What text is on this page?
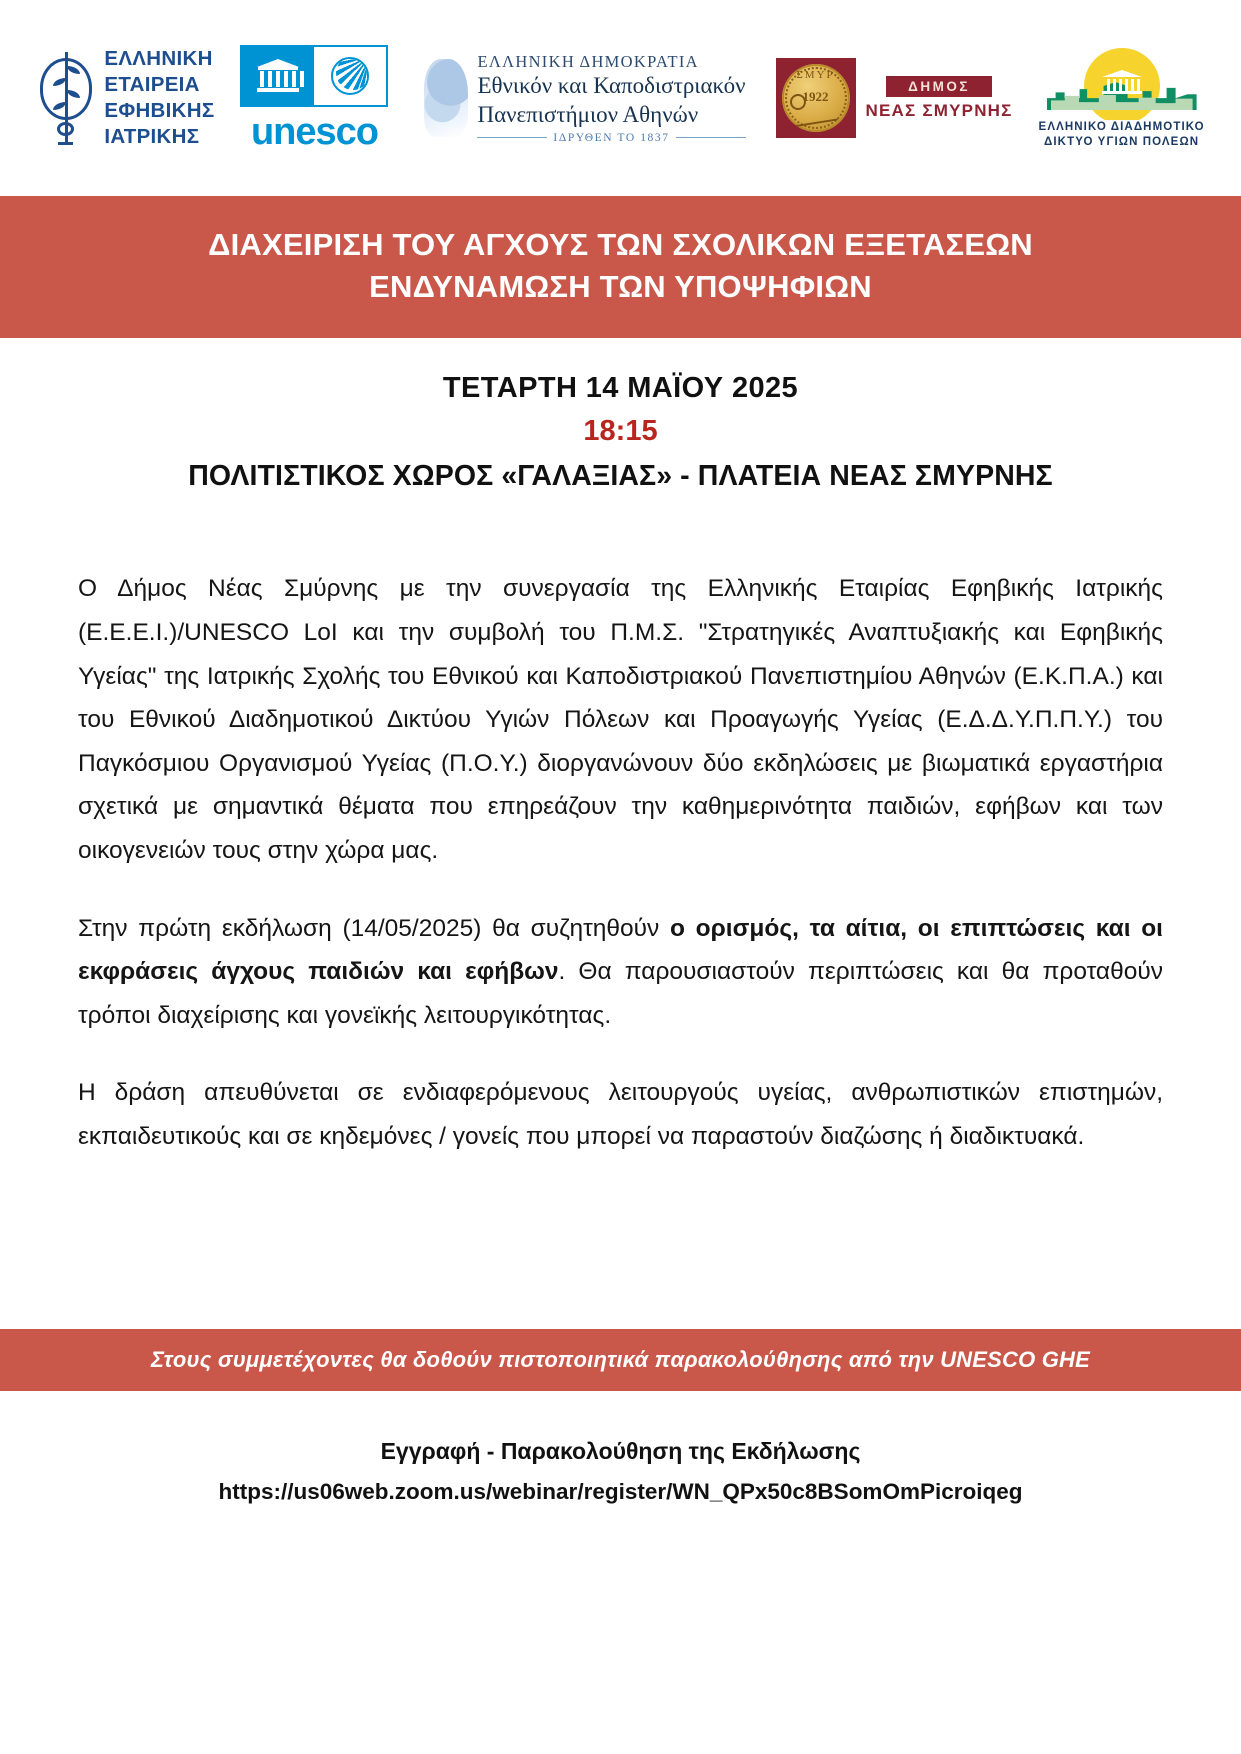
ΕΛΛΗΝΙΚΗ
ΕΤΑΙΡΕΙΑ
ΕΦΗΒΙΚΗΣ
ΙΑΤΡΙΚΗΣ	unesco
ΕΛΛΗΝΙΚΗ ΔΗΜΟΚΡΑΤΙΑ
Εθνικόν και Καποδιστριακόν
Πανεπιστήμιον Αθηνών
ΙΔΡΥΘΕΝ ΤΟ 1837
ΣΜΥΡ
1922
ΔΗΜΟΣ
ΝΕΑΣ ΣΜΥΡΝΗΣ
ΕΛΛΗΝΙΚΟ ΔΙΑΔΗΜΟΤΙΚΟ
ΔΙΚΤΥΟ ΥΓΙΩΝ ΠΟΛΕΩΝ
ΔΙΑΧΕΙΡΙΣΗ ΤΟΥ ΑΓΧΟΥΣ ΤΩΝ ΣΧΟΛΙΚΩΝ ΕΞΕΤΑΣΕΩΝ
ΕΝΔΥΝΑΜΩΣΗ ΤΩΝ ΥΠΟΨΗΦΙΩΝ
ΤΕΤΑΡΤΗ 14 ΜΑΪΟΥ 2025
18:15
ΠΟΛΙΤΙΣΤΙΚΟΣ ΧΩΡΟΣ «ΓΑΛΑΞΙΑΣ» - ΠΛΑΤΕΙΑ ΝΕΑΣ ΣΜΥΡΝΗΣ

Ο Δήμος Νέας Σμύρνης με την συνεργασία της Ελληνικής Εταιρίας Εφηβικής Ιατρικής (Ε.Ε.Ε.Ι.)/UNESCO LoI και την συμβολή του Π.Μ.Σ. "Στρατηγικές Αναπτυξιακής και Εφηβικής Υγείας" της Ιατρικής Σχολής του Εθνικού και Καποδιστριακού Πανεπιστημίου Αθηνών (Ε.Κ.Π.Α.) και του Εθνικού Διαδημοτικού Δικτύου Υγιών Πόλεων και Προαγωγής Υγείας (Ε.Δ.Δ.Υ.Π.Π.Υ.) του Παγκόσμιου Οργανισμού Υγείας (Π.Ο.Υ.) διοργανώνουν δύο εκδηλώσεις με βιωματικά εργαστήρια σχετικά με σημαντικά θέματα που επηρεάζουν την καθημερινότητα παιδιών, εφήβων και των οικογενειών τους στην χώρα μας.

Στην πρώτη εκδήλωση (14/05/2025) θα συζητηθούν ο ορισμός, τα αίτια, οι επιπτώσεις και οι εκφράσεις άγχους παιδιών και εφήβων. Θα παρουσιαστούν περιπτώσεις και θα προταθούν τρόποι διαχείρισης και γονεϊκής λειτουργικότητας.

Η δράση απευθύνεται σε ενδιαφερόμενους λειτουργούς υγείας, ανθρωπιστικών επιστημών, εκπαιδευτικούς και σε κηδεμόνες / γονείς που μπορεί να παραστούν διαζώσης ή διαδικτυακά.

Στους συμμετέχοντες θα δοθούν πιστοποιητικά παρακολούθησης από την UNESCO GHE
Εγγραφή - Παρακολούθηση της Εκδήλωσης
https://us06web.zoom.us/webinar/register/WN_QPx50c8BSomOmPicroiqeg
